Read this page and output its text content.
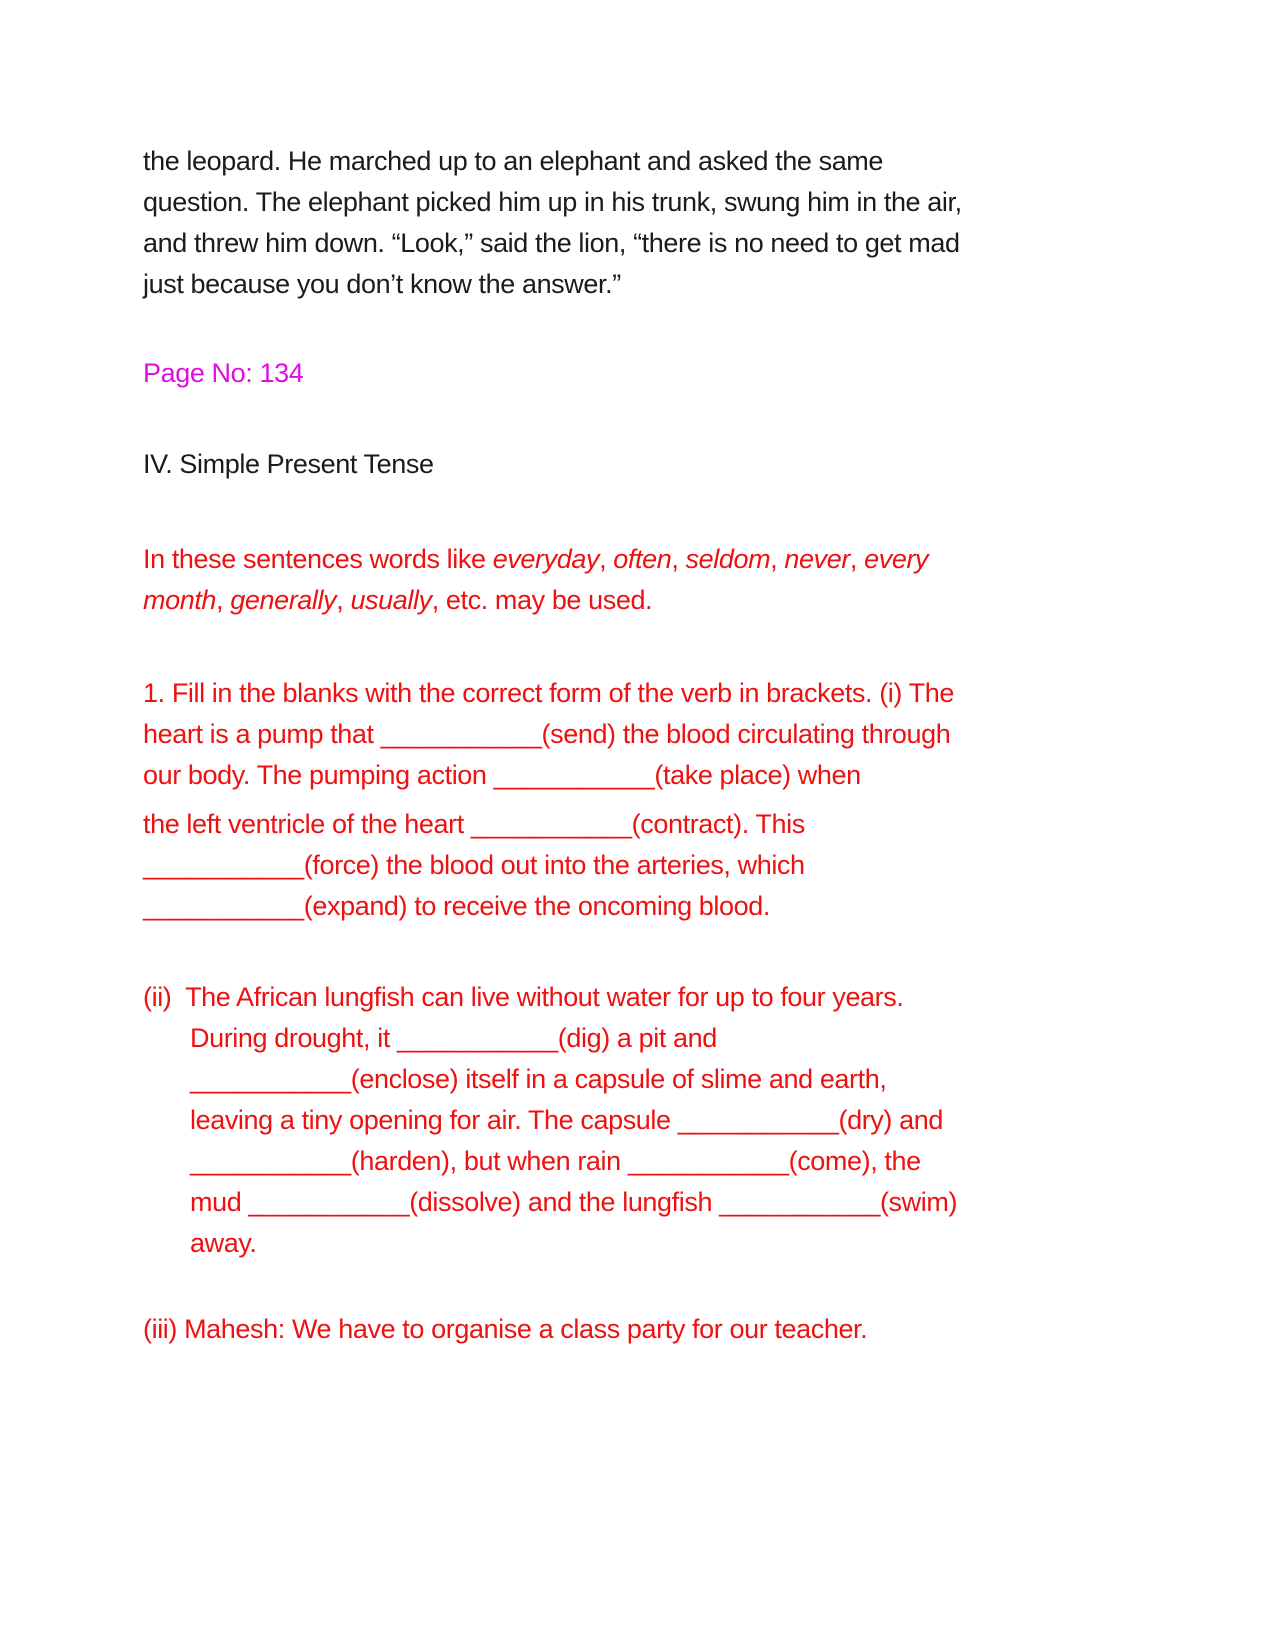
the leopard. He marched up to an elephant and asked the same
question. The elephant picked him up in his trunk, swung him in the air,
and threw him down. “Look,” said the lion, “there is no need to get mad
just because you don’t know the answer.”
Page No: 134
IV. Simple Present Tense
In these sentences words like everyday, often, seldom, never, every
month, generally, usually, etc. may be used.
1. Fill in the blanks with the correct form of the verb in brackets. (i) The
heart is a pump that ___________(send) the blood circulating through
our body. The pumping action ___________(take place) when
the left ventricle of the heart ___________(contract). This
___________(force) the blood out into the arteries, which
___________(expand) to receive the oncoming blood.
(ii)  The African lungfish can live without water for up to four years.
During drought, it ___________(dig) a pit and
___________(enclose) itself in a capsule of slime and earth,
leaving a tiny opening for air. The capsule ___________(dry) and
___________(harden), but when rain ___________(come), the
mud ___________(dissolve) and the lungfish ___________(swim)
away.
(iii) Mahesh: We have to organise a class party for our teacher.
